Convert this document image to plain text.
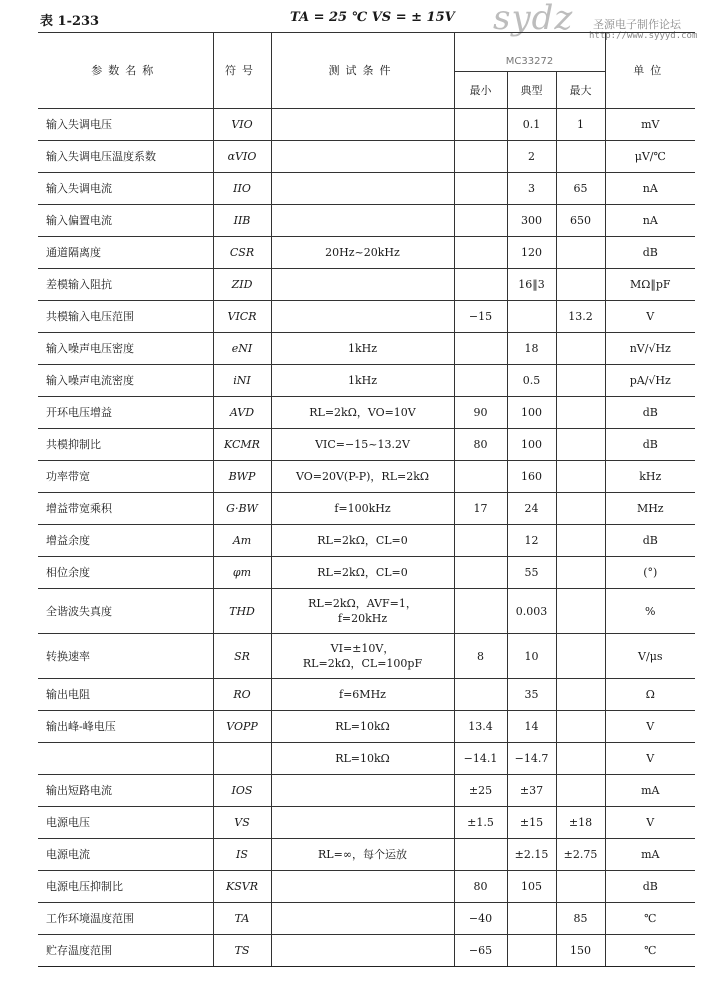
表 1-233	TA = 25 ℃ VS = ± 15V sydz 圣源电子制作论坛
http://www.syyyd.com
参数名称	符号	测试条件	MC33272			单位
			最小	典型	最大	
输入失调电压	VIO			0.1	1	mV
输入失调电压温度系数	αVIO			2		μV/℃
输入失调电流	IIO			3	65	nA
输入偏置电流	IIB			300	650	nA
通道隔离度	CSR	20Hz~20kHz		120		dB
差模输入阻抗	ZID			16‖3		MΩ‖pF
共模输入电压范围	VICR		−15		13.2	V
输入噪声电压密度	eNI	1kHz		18		nV/√Hz
输入噪声电流密度	iNI	1kHz		0.5		pA/√Hz
开环电压增益	AVD	RL=2kΩ，VO=10V	90	100		dB
共模抑制比	KCMR	VIC=−15~13.2V	80	100		dB
功率带宽	BWP	VO=20V(P-P)，RL=2kΩ		160		kHz
增益带宽乘积	G·BW	f=100kHz	17	24		MHz
增益余度	Am	RL=2kΩ，CL=0		12		dB
相位余度	φm	RL=2kΩ，CL=0		55		(°)
全谐波失真度	THD	RL=2kΩ，AVF=1，
f=20kHz		0.003		%
转换速率	SR	VI=±10V，
RL=2kΩ，CL=100pF	8	10		V/μs
输出电阻	RO	f=6MHz		35		Ω
输出峰-峰电压	VOPP	RL=10kΩ	13.4	14		V
		RL=10kΩ	−14.1	−14.7		V
输出短路电流	IOS		±25	±37		mA
电源电压	VS		±1.5	±15	±18	V
电源电流	IS	RL=∞，每个运放		±2.15	±2.75	mA
电源电压抑制比	KSVR		80	105		dB
工作环境温度范围	TA		−40		85	℃
贮存温度范围	TS		−65		150	℃
